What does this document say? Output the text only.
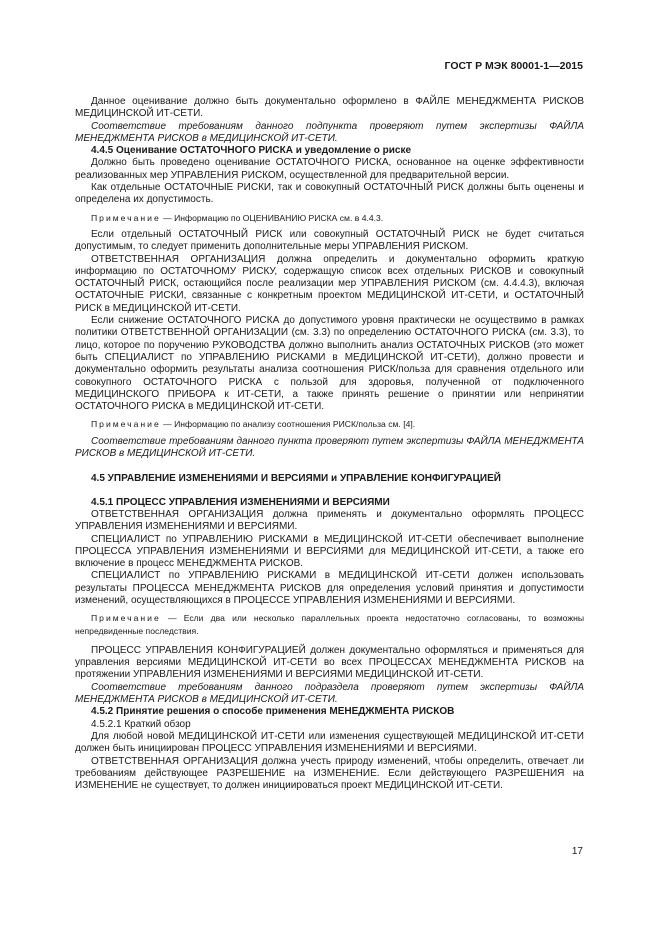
ГОСТ Р МЭК 80001-1—2015

Данное оценивание должно быть документально оформлено в ФАЙЛЕ МЕНЕДЖМЕНТА РИСКОВ МЕДИЦИНСКОЙ ИТ-СЕТИ.

Соответствие требованиям данного подпункта проверяют путем экспертизы ФАЙЛА МЕНЕДЖМЕНТА РИСКОВ в МЕДИЦИНСКОЙ ИТ-СЕТИ.

4.4.5 Оценивание ОСТАТОЧНОГО РИСКА и уведомление о риске

Должно быть проведено оценивание ОСТАТОЧНОГО РИСКА, основанное на оценке эффективности реализованных мер УПРАВЛЕНИЯ РИСКОМ, осуществленной для предварительной версии.

Как отдельные ОСТАТОЧНЫЕ РИСКИ, так и совокупный ОСТАТОЧНЫЙ РИСК должны быть оценены и определена их допустимость.

Примечание — Информацию по ОЦЕНИВАНИЮ РИСКА см. в 4.4.3.

Если отдельный ОСТАТОЧНЫЙ РИСК или совокупный ОСТАТОЧНЫЙ РИСК не будет считаться допустимым, то следует применить дополнительные меры УПРАВЛЕНИЯ РИСКОМ.

ОТВЕТСТВЕННАЯ ОРГАНИЗАЦИЯ должна определить и документально оформить краткую информацию по ОСТАТОЧНОМУ РИСКУ, содержащую список всех отдельных РИСКОВ и совокупный ОСТАТОЧНЫЙ РИСК, остающийся после реализации мер УПРАВЛЕНИЯ РИСКОМ (см. 4.4.4.3), включая ОСТАТОЧНЫЕ РИСКИ, связанные с конкретным проектом МЕДИЦИНСКОЙ ИТ-СЕТИ, и ОСТАТОЧНЫЙ РИСК в МЕДИЦИНСКОЙ ИТ-СЕТИ.

Если снижение ОСТАТОЧНОГО РИСКА до допустимого уровня практически не осуществимо в рамках политики ОТВЕТСТВЕННОЙ ОРГАНИЗАЦИИ (см. 3.3) по определению ОСТАТОЧНОГО РИСКА (см. 3.3), то лицо, которое по поручению РУКОВОДСТВА должно выполнить анализ ОСТАТОЧНЫХ РИСКОВ (это может быть СПЕЦИАЛИСТ по УПРАВЛЕНИЮ РИСКАМИ в МЕДИЦИНСКОЙ ИТ-СЕТИ), должно провести и документально оформить результаты анализа соотношения РИСК/польза для сравнения отдельного или совокупного ОСТАТОЧНОГО РИСКА с пользой для здоровья, полученной от подключенного МЕДИЦИНСКОГО ПРИБОРА к ИТ-СЕТИ, а также принять решение о принятии или непринятии ОСТАТОЧНОГО РИСКА в МЕДИЦИНСКОЙ ИТ-СЕТИ.

Примечание — Информацию по анализу соотношения РИСК/польза см. [4].

Соответствие требованиям данного пункта проверяют путем экспертизы ФАЙЛА МЕНЕДЖМЕНТА РИСКОВ в МЕДИЦИНСКОЙ ИТ-СЕТИ.

4.5 УПРАВЛЕНИЕ ИЗМЕНЕНИЯМИ И ВЕРСИЯМИ и УПРАВЛЕНИЕ КОНФИГУРАЦИЕЙ

4.5.1 ПРОЦЕСС УПРАВЛЕНИЯ ИЗМЕНЕНИЯМИ И ВЕРСИЯМИ

ОТВЕТСТВЕННАЯ ОРГАНИЗАЦИЯ должна применять и документально оформлять ПРОЦЕСС УПРАВЛЕНИЯ ИЗМЕНЕНИЯМИ И ВЕРСИЯМИ.

СПЕЦИАЛИСТ по УПРАВЛЕНИЮ РИСКАМИ в МЕДИЦИНСКОЙ ИТ-СЕТИ обеспечивает выполнение ПРОЦЕССА УПРАВЛЕНИЯ ИЗМЕНЕНИЯМИ И ВЕРСИЯМИ для МЕДИЦИНСКОЙ ИТ-СЕТИ, а также его включение в процесс МЕНЕДЖМЕНТА РИСКОВ.

СПЕЦИАЛИСТ по УПРАВЛЕНИЮ РИСКАМИ в МЕДИЦИНСКОЙ ИТ-СЕТИ должен использовать результаты ПРОЦЕССА МЕНЕДЖМЕНТА РИСКОВ для определения условий принятия и допустимости изменений, осуществляющихся в ПРОЦЕССЕ УПРАВЛЕНИЯ ИЗМЕНЕНИЯМИ И ВЕРСИЯМИ.

Примечание — Если два или несколько параллельных проекта недостаточно согласованы, то возможны непредвиденные последствия.

ПРОЦЕСС УПРАВЛЕНИЯ КОНФИГУРАЦИЕЙ должен документально оформляться и применяться для управления версиями МЕДИЦИНСКОЙ ИТ-СЕТИ во всех ПРОЦЕССАХ МЕНЕДЖМЕНТА РИСКОВ на протяжении УПРАВЛЕНИЯ ИЗМЕНЕНИЯМИ И ВЕРСИЯМИ МЕДИЦИНСКОЙ ИТ-СЕТИ.

Соответствие требованиям данного подраздела проверяют путем экспертизы ФАЙЛА МЕНЕДЖМЕНТА РИСКОВ в МЕДИЦИНСКОЙ ИТ-СЕТИ.

4.5.2 Принятие решения о способе применения МЕНЕДЖМЕНТА РИСКОВ

4.5.2.1 Краткий обзор

Для любой новой МЕДИЦИНСКОЙ ИТ-СЕТИ или изменения существующей МЕДИЦИНСКОЙ ИТ-СЕТИ должен быть инициирован ПРОЦЕСС УПРАВЛЕНИЯ ИЗМЕНЕНИЯМИ И ВЕРСИЯМИ.

ОТВЕТСТВЕННАЯ ОРГАНИЗАЦИЯ должна учесть природу изменений, чтобы определить, отвечает ли требованиям действующее РАЗРЕШЕНИЕ на ИЗМЕНЕНИЕ. Если действующего РАЗРЕШЕНИЯ на ИЗМЕНЕНИЕ не существует, то должен инициироваться проект МЕДИЦИНСКОЙ ИТ-СЕТИ.

17
